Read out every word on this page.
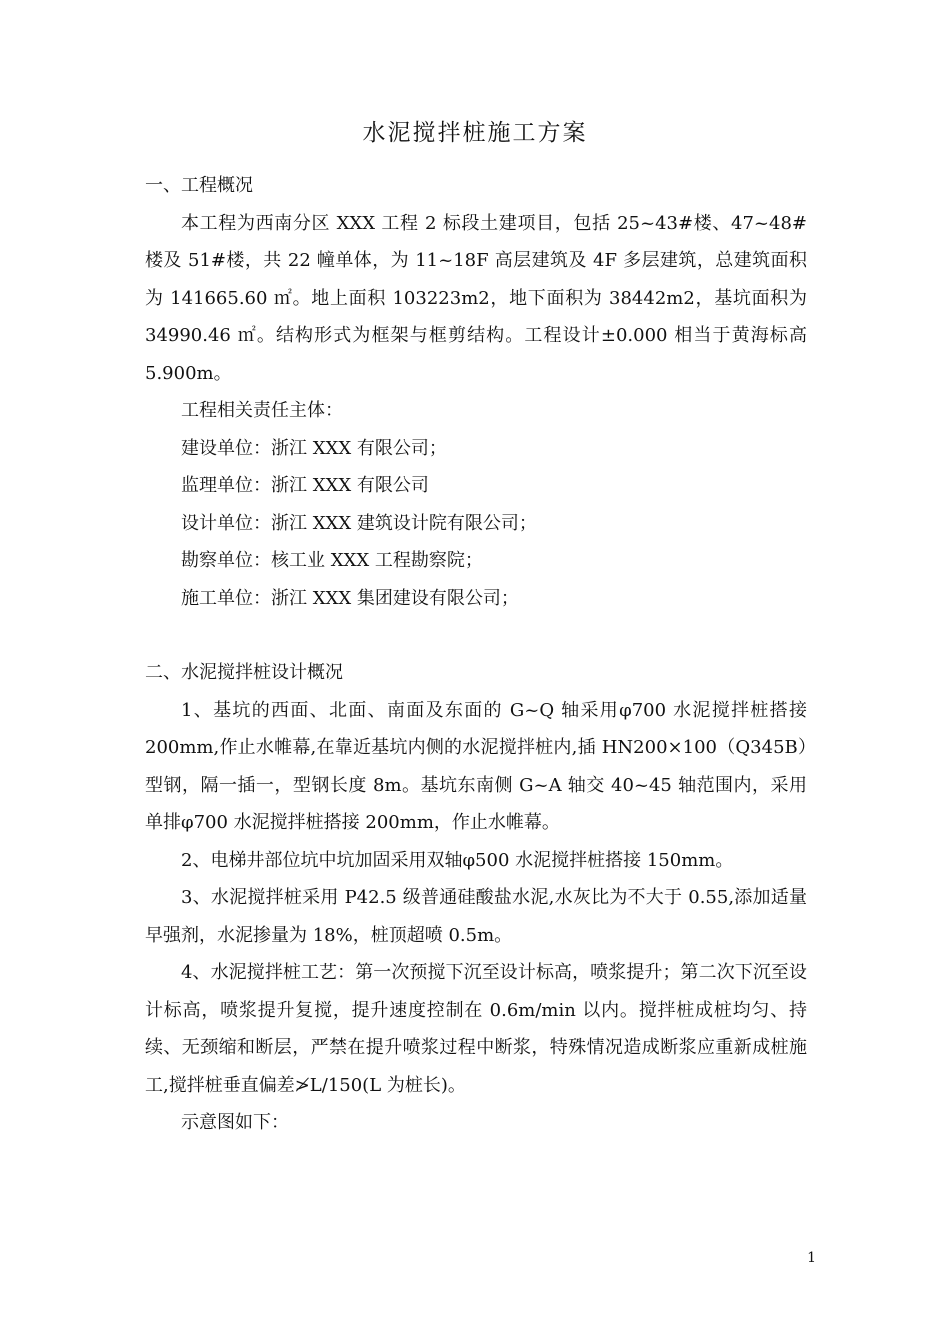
水泥搅拌桩施工方案

一、工程概况

本工程为西南分区 XXX 工程 2 标段土建项目，包括 25~43#楼、47~48#楼及 51#楼，共 22 幢单体，为 11~18F 高层建筑及 4F 多层建筑，总建筑面积为 141665.60 ㎡。地上面积 103223m2，地下面积为 38442m2，基坑面积为 34990.46 ㎡。结构形式为框架与框剪结构。工程设计±0.000 相当于黄海标高 5.900m。

工程相关责任主体：

建设单位：浙江 XXX 有限公司；

监理单位：浙江 XXX 有限公司

设计单位：浙江 XXX 建筑设计院有限公司；

勘察单位：核工业 XXX 工程勘察院；

施工单位：浙江 XXX 集团建设有限公司；

二、水泥搅拌桩设计概况

1、基坑的西面、北面、南面及东面的 G~Q 轴采用φ700 水泥搅拌桩搭接 200mm,作止水帷幕,在靠近基坑内侧的水泥搅拌桩内,插 HN200×100（Q345B）型钢，隔一插一，型钢长度 8m。基坑东南侧 G~A 轴交 40~45 轴范围内，采用单排φ700 水泥搅拌桩搭接 200mm，作止水帷幕。

2、电梯井部位坑中坑加固采用双轴φ500 水泥搅拌桩搭接 150mm。

3、水泥搅拌桩采用 P42.5 级普通硅酸盐水泥,水灰比为不大于 0.55,添加适量早强剂，水泥掺量为 18%，桩顶超喷 0.5m。

4、水泥搅拌桩工艺：第一次预搅下沉至设计标高，喷浆提升；第二次下沉至设计标高，喷浆提升复搅，提升速度控制在 0.6m/min 以内。搅拌桩成桩均匀、持续、无颈缩和断层，严禁在提升喷浆过程中断浆，特殊情况造成断浆应重新成桩施工,搅拌桩垂直偏差≯L/150(L 为桩长)。

示意图如下：

1
